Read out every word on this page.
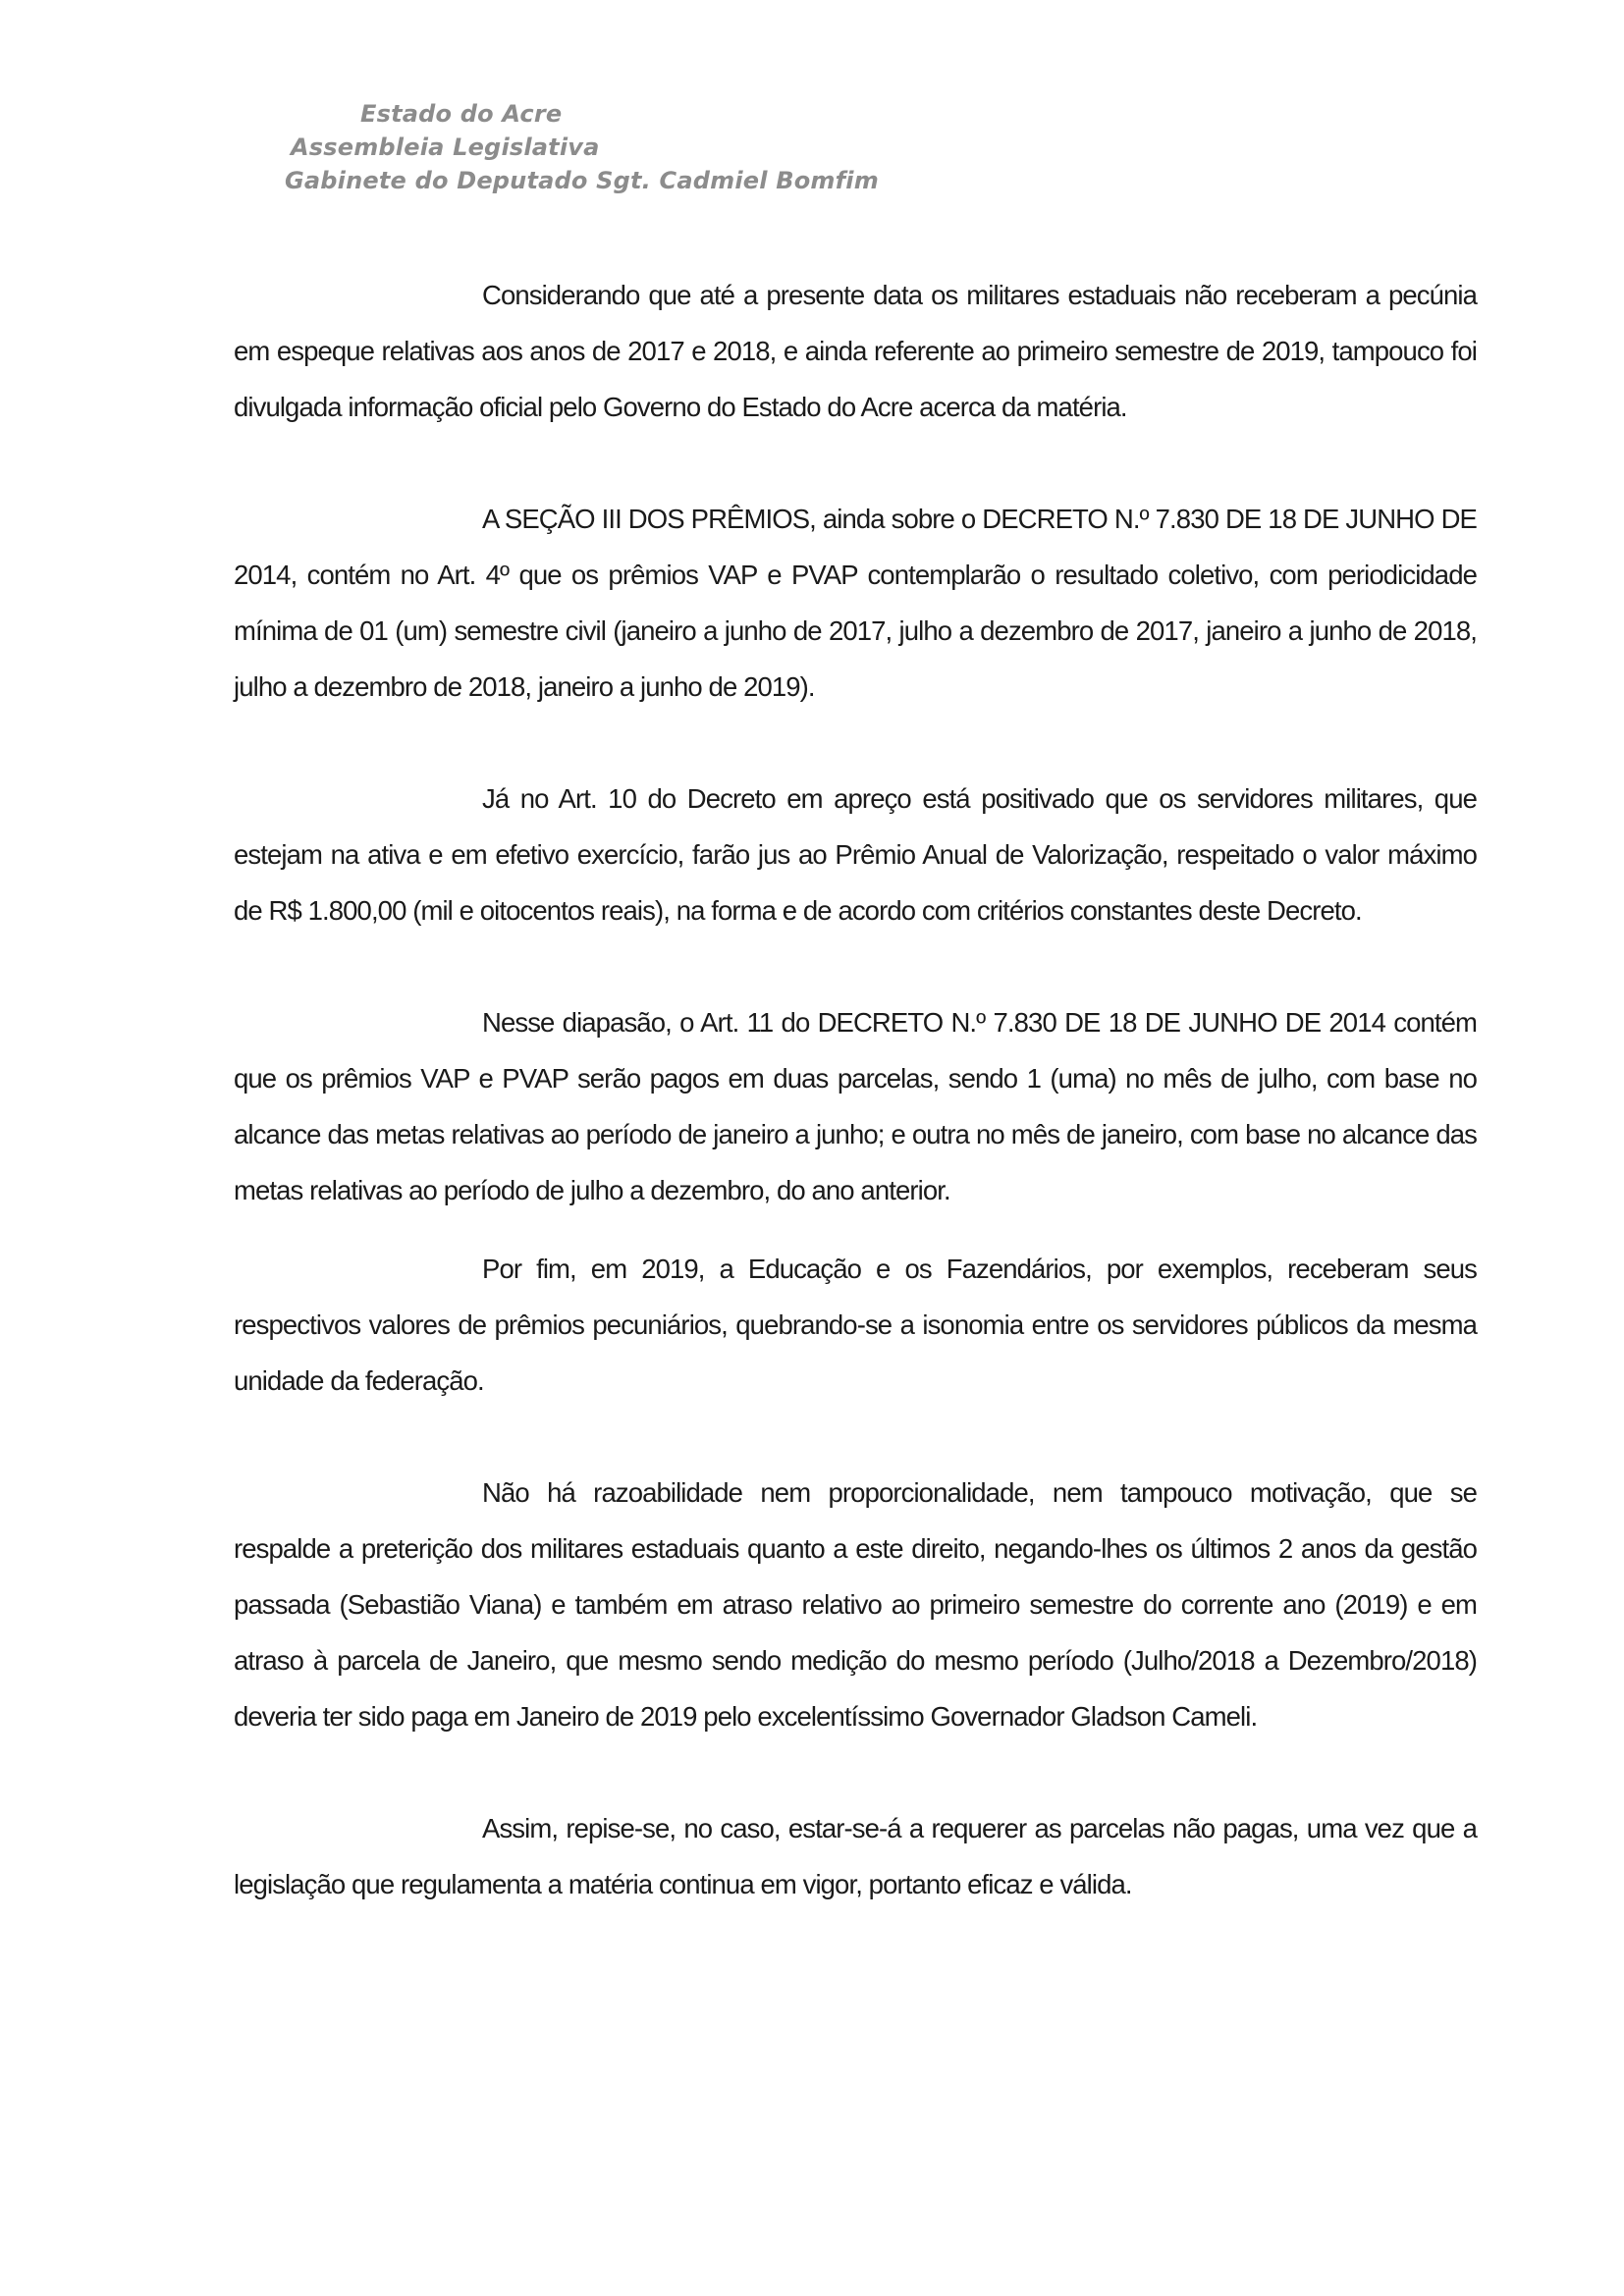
Estado do Acre
Assembleia Legislativa
Gabinete do Deputado Sgt. Cadmiel Bomfim

Considerando que até a presente data os militares estaduais não receberam a pecúnia em espeque relativas aos anos de 2017 e 2018, e ainda referente ao primeiro semestre de 2019, tampouco foi divulgada informação oficial pelo Governo do Estado do Acre acerca da matéria.

A SEÇÃO III DOS PRÊMIOS, ainda sobre o DECRETO N.º 7.830 DE 18 DE JUNHO DE 2014, contém no Art. 4º que os prêmios VAP e PVAP contemplarão o resultado coletivo, com periodicidade mínima de 01 (um) semestre civil (janeiro a junho de 2017, julho a dezembro de 2017, janeiro a junho de 2018, julho a dezembro de 2018, janeiro a junho de 2019).

Já no Art. 10 do Decreto em apreço está positivado que os servidores militares, que estejam na ativa e em efetivo exercício, farão jus ao Prêmio Anual de Valorização, respeitado o valor máximo de R$ 1.800,00 (mil e oitocentos reais), na forma e de acordo com critérios constantes deste Decreto.

Nesse diapasão, o Art. 11 do DECRETO N.º 7.830 DE 18 DE JUNHO DE 2014 contém que os prêmios VAP e PVAP serão pagos em duas parcelas, sendo 1 (uma) no mês de julho, com base no alcance das metas relativas ao período de janeiro a junho; e outra no mês de janeiro, com base no alcance das metas relativas ao período de julho a dezembro, do ano anterior.

Por fim, em 2019, a Educação e os Fazendários, por exemplos, receberam seus respectivos valores de prêmios pecuniários, quebrando-se a isonomia entre os servidores públicos da mesma unidade da federação.

Não há razoabilidade nem proporcionalidade, nem tampouco motivação, que se respalde a preterição dos militares estaduais quanto a este direito, negando-lhes os últimos 2 anos da gestão passada (Sebastião Viana) e também em atraso relativo ao primeiro semestre do corrente ano (2019) e em atraso à parcela de Janeiro, que mesmo sendo medição do mesmo período (Julho/2018 a Dezembro/2018) deveria ter sido paga em Janeiro de 2019 pelo excelentíssimo Governador Gladson Cameli.

Assim, repise-se, no caso, estar-se-á a requerer as parcelas não pagas, uma vez que a legislação que regulamenta a matéria continua em vigor, portanto eficaz e válida.
